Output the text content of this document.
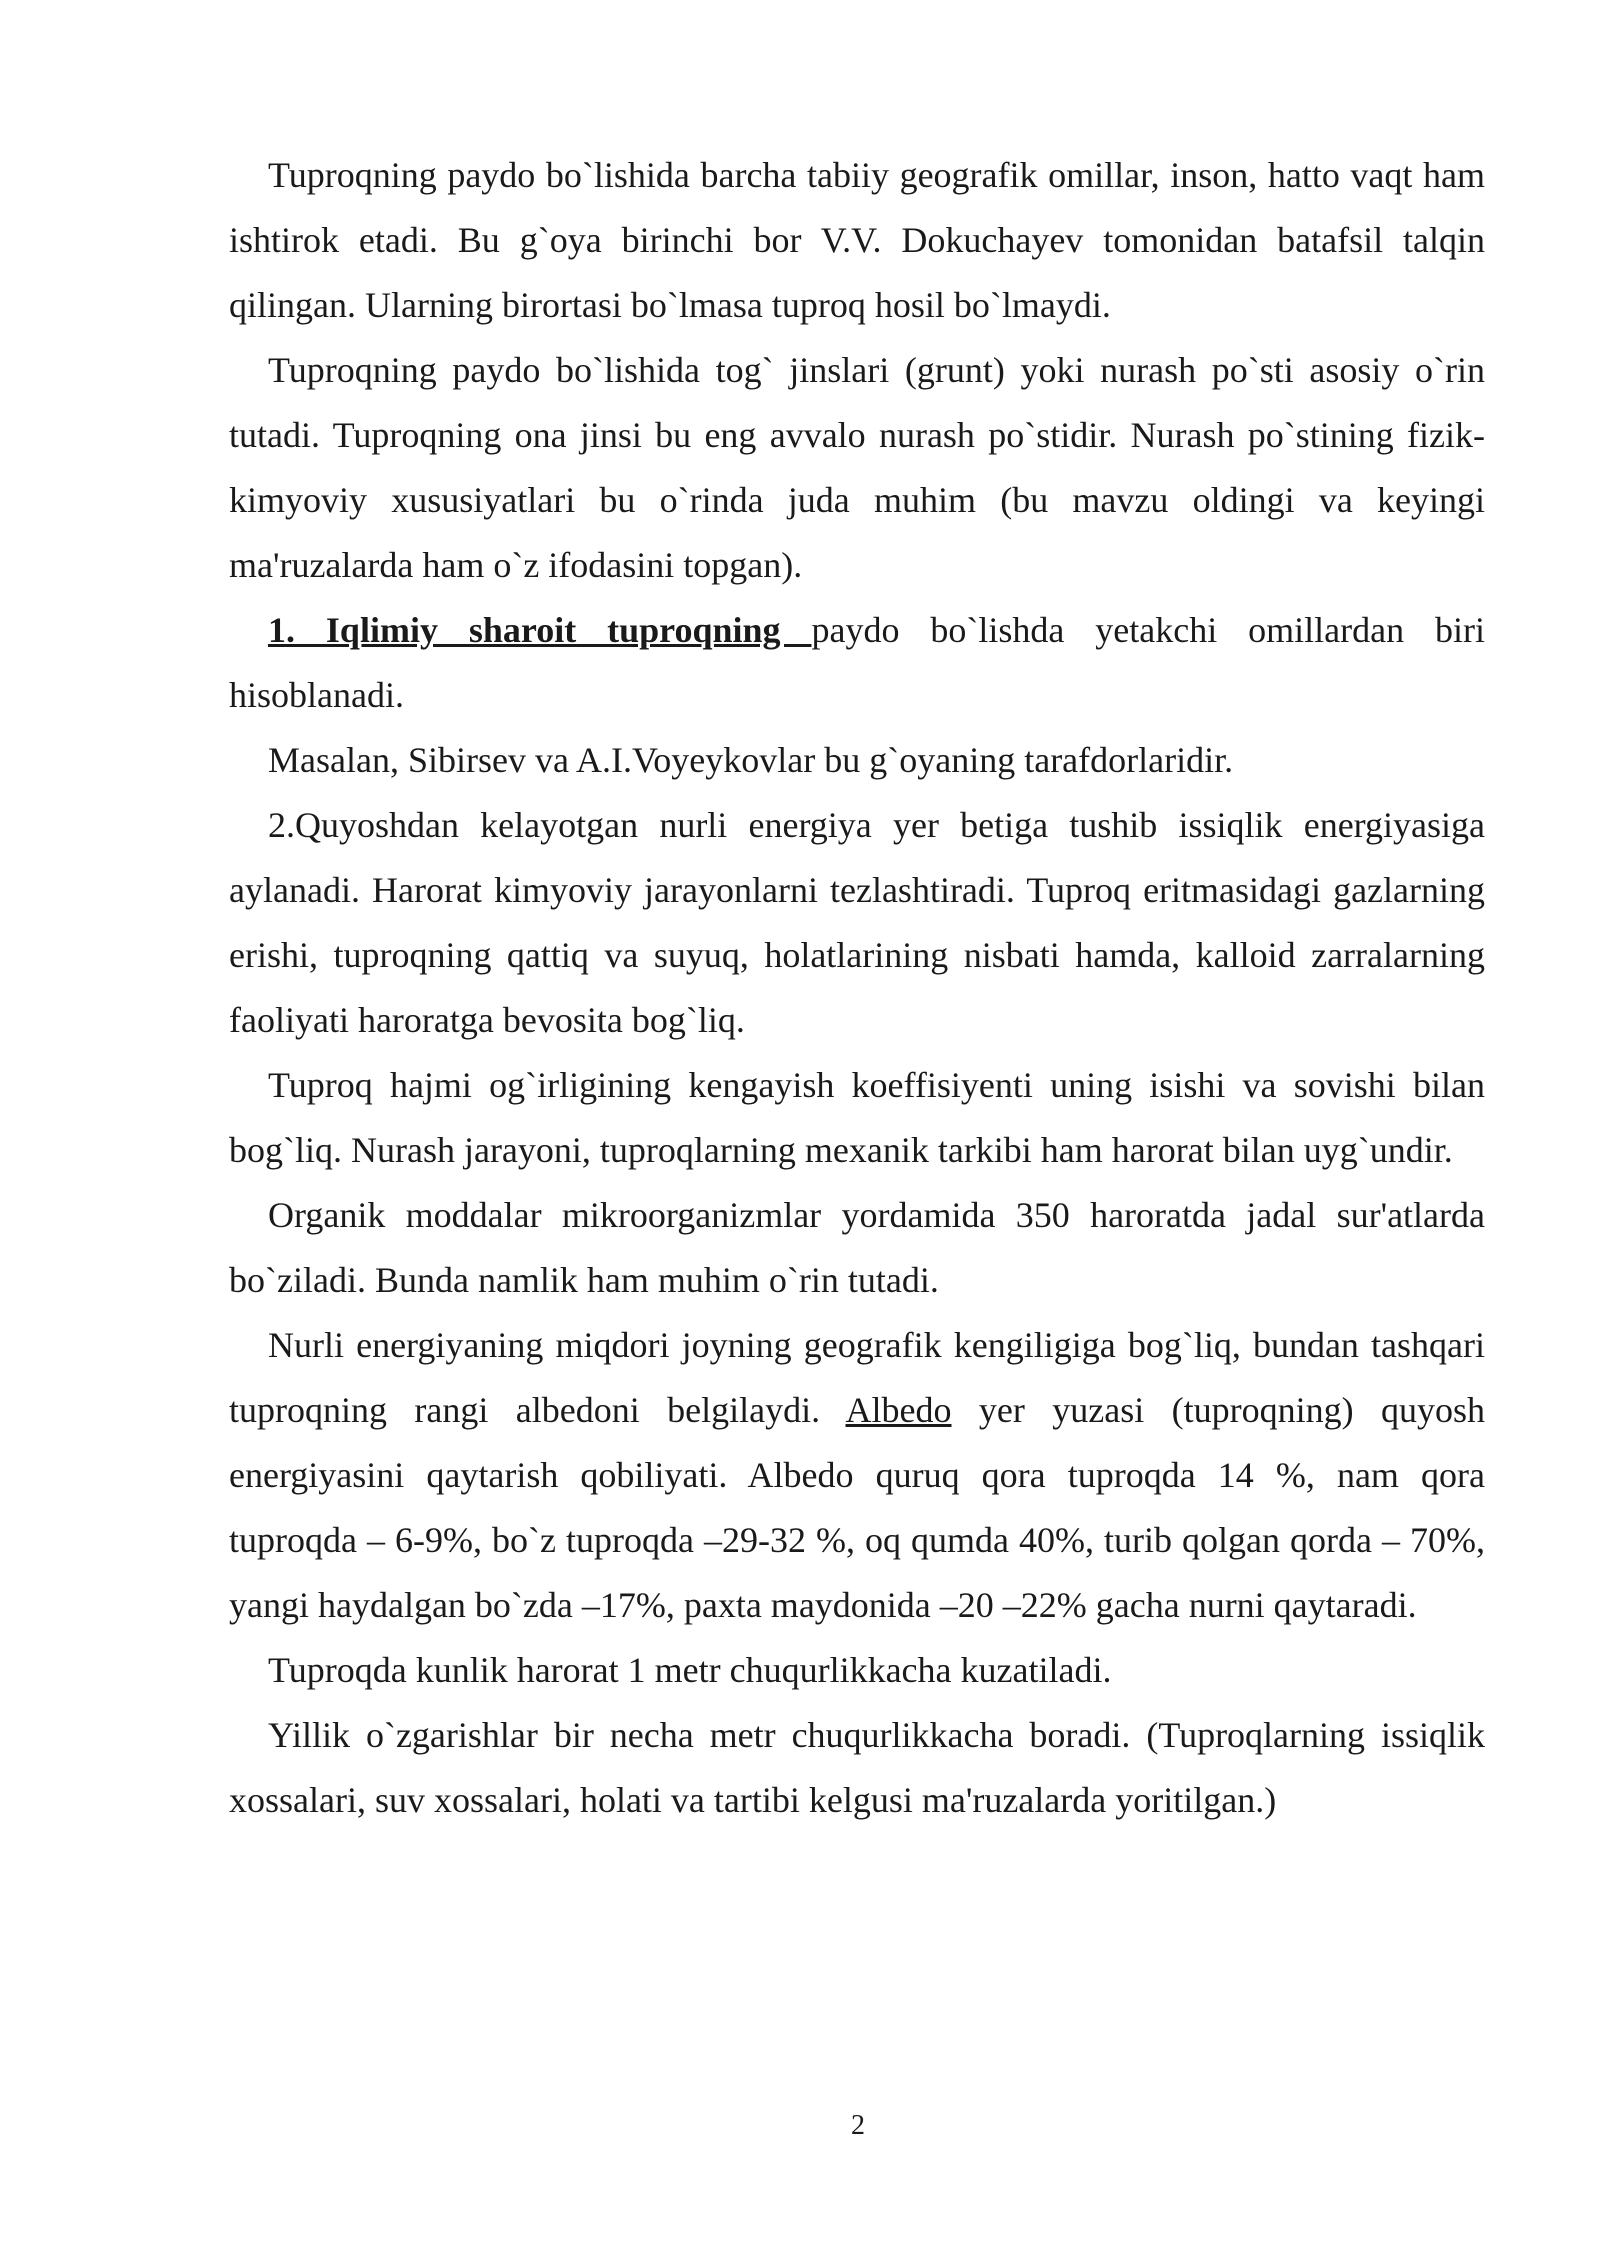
Tuproqning paydo bo`lishida barcha tabiiy geografik omillar, inson, hatto vaqt ham ishtirok etadi. Bu g`oya birinchi bor V.V. Dokuchayev tomonidan batafsil talqin qilingan. Ularning birortasi bo`lmasa tuproq hosil bo`lmaydi.

Tuproqning paydo bo`lishida tog` jinslari (grunt) yoki nurash po`sti asosiy o`rin tutadi. Tuproqning ona jinsi bu eng avvalo nurash po`stidir. Nurash po`stining fizik-kimyoviy xususiyatlari bu o`rinda juda muhim (bu mavzu oldingi va keyingi ma'ruzalarda ham o`z ifodasini topgan).

1. Iqlimiy sharoit tuproqning paydo bo`lishda yetakchi omillardan biri hisoblanadi.

Masalan, Sibirsev va A.I.Voyeykovlar bu g`oyaning tarafdorlaridir.

2.Quyoshdan kelayotgan nurli energiya yer betiga tushib issiqlik energiyasiga aylanadi. Harorat kimyoviy jarayonlarni tezlashtiradi. Tuproq eritmasidagi gazlarning erishi, tuproqning qattiq va suyuq, holatlarining nisbati hamda, kalloid zarralarning faoliyati haroratga bevosita bog`liq.

Tuproq hajmi og`irligining kengayish koeffisiyenti uning isishi va sovishi bilan bog`liq. Nurash jarayoni, tuproqlarning mexanik tarkibi ham harorat bilan uyg`undir.

Organik moddalar mikroorganizmlar yordamida 350 haroratda jadal sur'atlarda bo`ziladi. Bunda namlik ham muhim o`rin tutadi.

Nurli energiyaning miqdori joyning geografik kengiligiga bog`liq, bundan tashqari tuproqning rangi albedoni belgilaydi. Albedo yer yuzasi (tuproqning) quyosh energiyasini qaytarish qobiliyati. Albedo quruq qora tuproqda 14 %, nam qora tuproqda – 6-9%, bo`z tuproqda –29-32 %, oq qumda 40%, turib qolgan qorda – 70%, yangi haydalgan bo`zda –17%, paxta maydonida –20 –22% gacha nurni qaytaradi.

Tuproqda kunlik harorat 1 metr chuqurlikkacha kuzatiladi.

Yillik o`zgarishlar bir necha metr chuqurlikkacha boradi. (Tuproqlarning issiqlik xossalari, suv xossalari, holati va tartibi kelgusi ma'ruzalarda yoritilgan.)

2
